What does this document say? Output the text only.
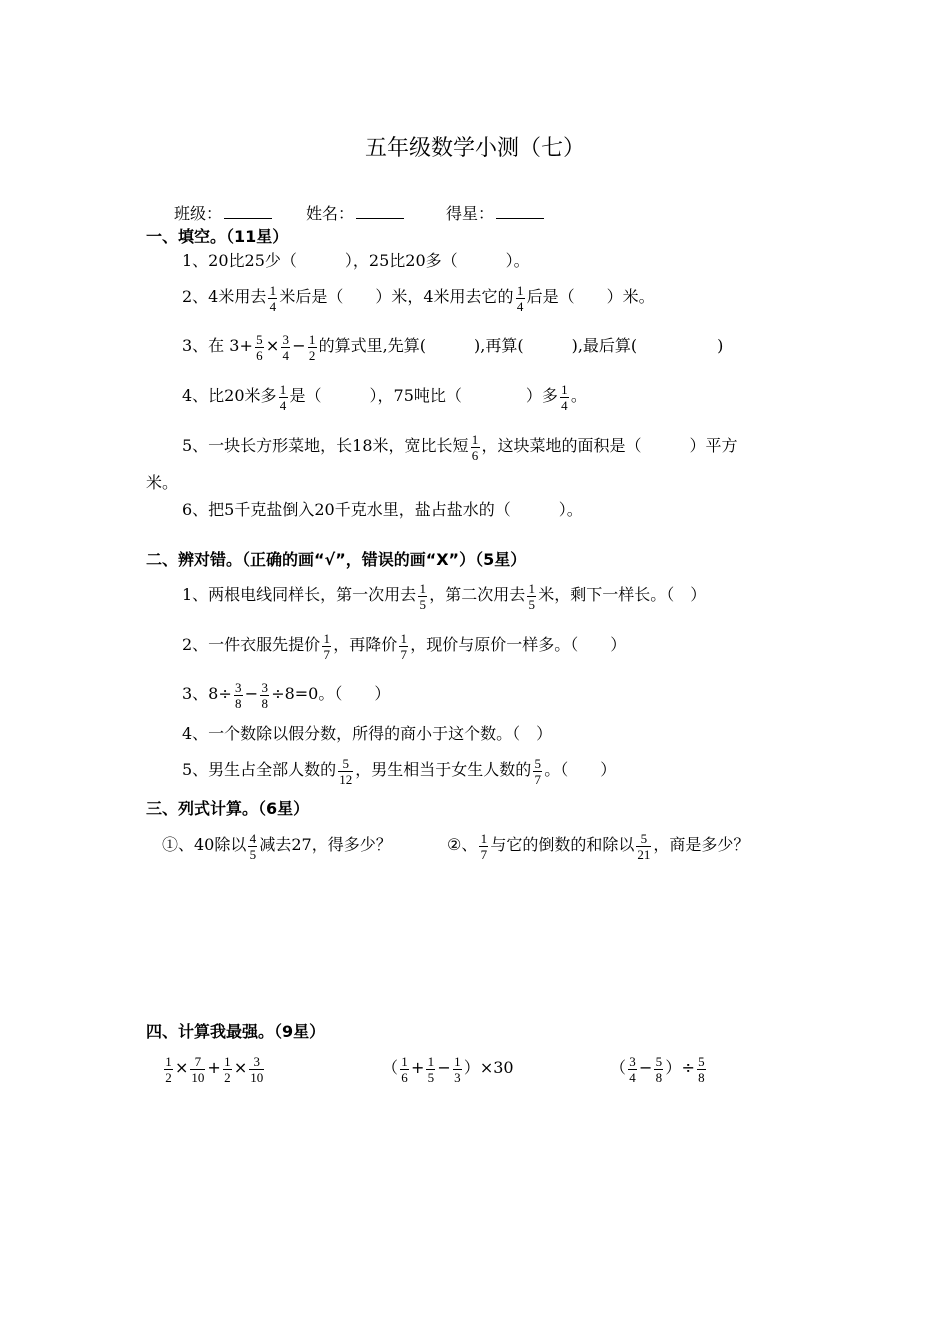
五年级数学小测（七）
班级：	姓名：	得星：
一、填空。（11星）
1、20比25少（　　　），25比20多（　　　）。
2、4米用去 $\frac{1}{4}$ 米后是（　　）米，4米用去它的 $\frac{1}{4}$ 后是（　　）米。
3、在 $3+ \frac{5}{6} \times \frac{3}{4} - \frac{1}{2}$ 的算式里,先算(　　　),再算(　　　),最后算(　　　　　)
4、比20米多 $\frac{1}{4}$ 是（　　　），75吨比（　　　　）多 $\frac{1}{4}$ 。
5、一块长方形菜地，长18米，宽比长短 $\frac{1}{6}$ ，这块菜地的面积是（　　　）平方
米。
6、把5千克盐倒入20千克水里，盐占盐水的（　　　）。
二、辨对错。（正确的画“√”，错误的画“X”）（5星）
1、两根电线同样长，第一次用去 $\frac{1}{5}$ ，第二次用去 $\frac{1}{5}$ 米，剩下一样长。（　）
2、一件衣服先提价 $\frac{1}{7}$ ，再降价 $\frac{1}{7}$ ，现价与原价一样多。（　　）
3、$8\div \frac{3}{8} - \frac{3}{8} \div 8=0$。（　　）
4、一个数除以假分数，所得的商小于这个数。（　）
5、男生占全部人数的 $\frac{5}{12}$ ，男生相当于女生人数的 $\frac{5}{7}$ 。（　　）
三、列式计算。（6星）
①、40除以 $\frac{4}{5}$ 减去27，得多少？	②、 $\frac{1}{7}$ 与它的倒数的和除以 $\frac{5}{21}$ ，商是多少？
四、计算我最强。（9星）
$\frac{1}{2} \times \frac{7}{10} + \frac{1}{2} \times \frac{3}{10}$	（ $\frac{1}{6} + \frac{1}{5} - \frac{1}{3} )\times 30$	（ $\frac{3}{4} - \frac{5}{8}$ ）÷ $\frac{5}{8}$
